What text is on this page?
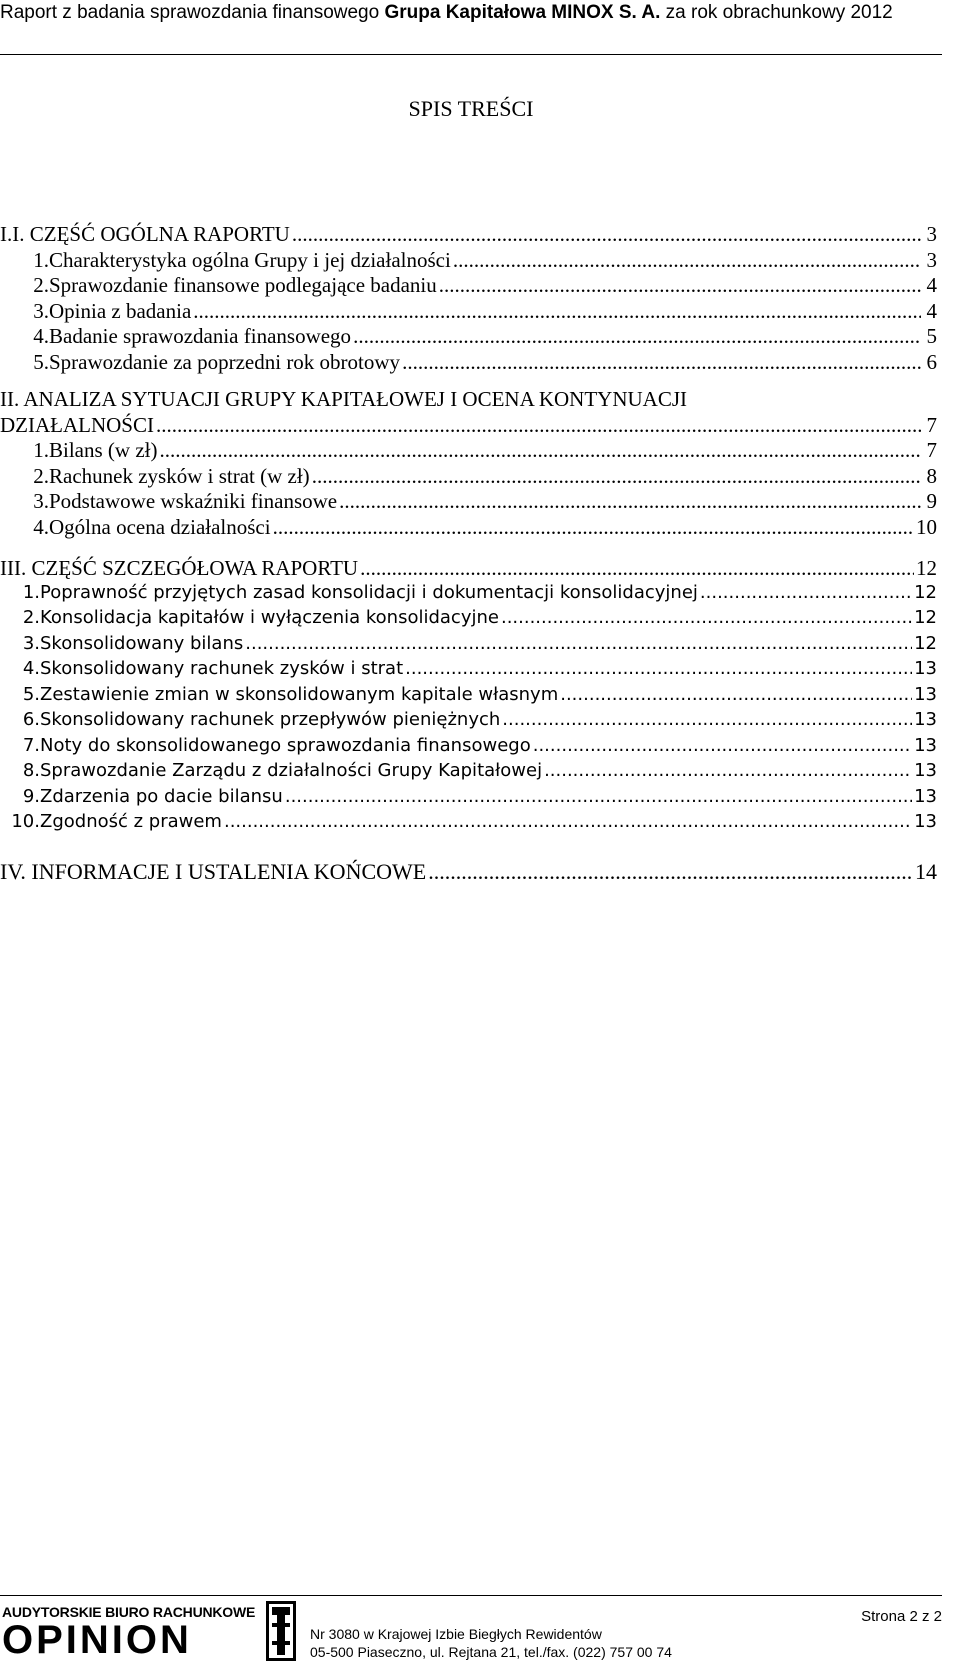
Raport z badania sprawozdania finansowego Grupa Kapitałowa MINOX S. A. za rok obrachunkowy 2012
SPIS TREŚCI
I.I. CZĘŚĆ OGÓLNA RAPORTU .....	3
1. Charakterystyka ogólna Grupy i jej działalności .....	3
2. Sprawozdanie finansowe podlegające badaniu .....	4
3. Opinia z badania .....	4
4. Badanie sprawozdania finansowego .....	5
5. Sprawozdanie za poprzedni rok obrotowy .....	6
II. ANALIZA SYTUACJI GRUPY KAPITAŁOWEJ I OCENA KONTYNUACJI
DZIAŁALNOŚCI .....	7
1. Bilans (w zł) .....	7
2. Rachunek zysków i strat (w zł) .....	8
3. Podstawowe wskaźniki finansowe .....	9
4. Ogólna ocena działalności .....	10
III. CZĘŚĆ SZCZEGÓŁOWA RAPORTU .....	12
1. Poprawność przyjętych zasad konsolidacji i dokumentacji konsolidacyjnej .....	12
2. Konsolidacja kapitałów i wyłączenia konsolidacyjne .....	12
3. Skonsolidowany bilans .....	12
4. Skonsolidowany rachunek zysków i strat .....	13
5. Zestawienie zmian w skonsolidowanym kapitale własnym .....	13
6. Skonsolidowany rachunek przepływów pieniężnych .....	13
7. Noty do skonsolidowanego sprawozdania finansowego .....	13
8. Sprawozdanie Zarządu z działalności Grupy Kapitałowej .....	13
9. Zdarzenia po dacie bilansu .....	13
10. Zgodność z prawem .....	13
IV. INFORMACJE I USTALENIA KOŃCOWE .....	14
AUDYTORSKIE BIURO RACHUNKOWE
OPINION	Nr 3080 w Krajowej Izbie Biegłych Rewidentów
05-500 Piaseczno, ul. Rejtana 21, tel./fax. (022) 757 00 74
Strona 2 z 2
